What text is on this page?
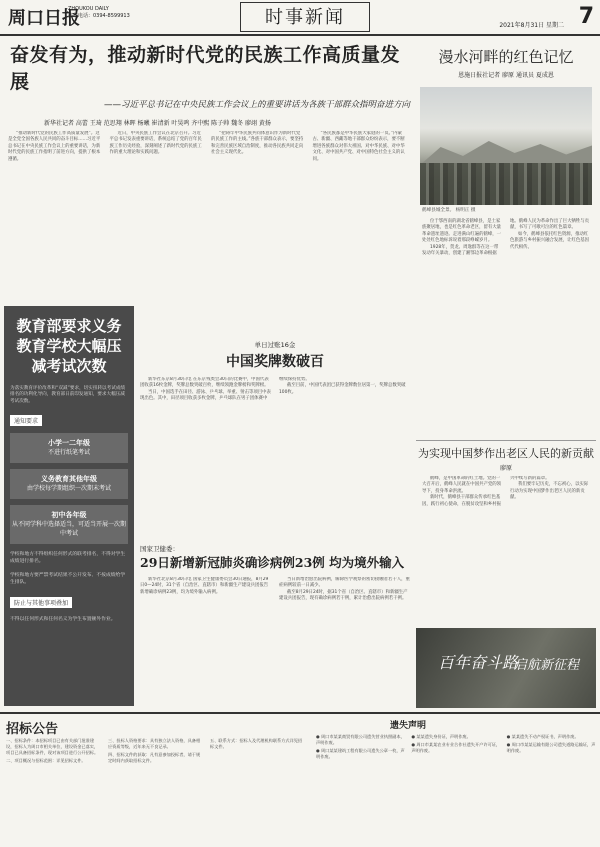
周口日报
ZHOUKOU DAILY
热线电话：0394-8599913	时事新闻	2021年8月31日 星期二 7
奋发有为，推动新时代党的民族工作高质量发展
——习近平总书记在中央民族工作会议上的重要讲话为各族干部群众指明奋进方向
新华社记者 高蕾 王琦 范思翔 林晖 杨曦 崔清新 叶昊鸣 齐中熙 陈子帅 魏冬 廖翊 黄扬

“推动新时代党的民族工作高质量发展”。这是全党全国各族人民共同的奋斗目标……习近平总书记在中央民族工作会议上的重要讲话，为新时代党的民族工作指明了前进方向，提供了根本遵循。

近日，中央民族工作会议在北京召开。习近平总书记发表重要讲话，系统总结了党的百年民族工作历史经验，深刻阐述了新时代党的民族工作的重大理论和实践问题。

“把铸牢中华民族共同体意识作为新时代党的民族工作的主线。”各族干部群众表示，要坚持和完善民族区域自治制度，推动各民族共同走向社会主义现代化。

“各民族都是中华民族大家庭的一员。”内蒙古、新疆、西藏等地干部群众纷纷表示，要不断增进各族群众对伟大祖国、对中华民族、对中华文化、对中国共产党、对中国特色社会主义的认同。

漫水河畔的红色记忆
恩施日报社记者 廖原 通讯员 夏成恩
鹤峰县城全景。 杨明正 摄

位于鄂西南的湖北省鹤峰县，是土家族聚居地，也是红色革命老区，留有大量革命遗址遗迹。走进满山红遍的鹤峰，一处处红色地标诉说着那段峥嵘岁月。

1928年，贺龙、周逸群等在这一带发动年关暴动，创建了湘鄂边革命根据地。鹤峰人民为革命作出了巨大牺牲与贡献，书写了可歌可泣的红色篇章。

如今，鹤峰县依托红色资源，推动红色旅游与乡村振兴融合发展，让红色基因代代相传。

教育部要求义务教育学校大幅压减考试次数
为落实教育评价改革和“双减”要求，切实扭转以考试成绩排名的功利化导向，教育部日前印发通知，要求大幅压减考试次数。
通知要求
小学一二年级
不进行纸笔考试
义务教育其他年级
由学校每学期组织一次期末考试
初中各年级
从不同学科中选择适当，可适当开展一次期中考试
学校和地方不得组织任何形式的联考排名，不得对学生成绩进行排名。
学校和地方要严禁考试结果不公开发布、不按成绩给学生排队。
防止与其他事项叠加
不得以任何形式和任何名义为学生布置额外作业。
单日过账16金
中国奖牌数破百

新华社东京8月30日电 在东京残奥会30日的比赛中，中国代表团收获16枚金牌，奖牌总数突破百枚，继续领跑金牌榜和奖牌榜。

当日，中国选手在田径、游泳、乒乓球、举重、射击等项目中表现出色。其中，田径项目收获多枚金牌，乒乓球队在男子团体赛中继续保持优势。

截至目前，中国代表团已获得金牌数位居第一，奖牌总数突破100枚。

国家卫健委：
29日新增新冠肺炎确诊病例23例 均为境外输入

新华社北京8月30日电 国家卫生健康委员会30日通报，8月29日0—24时，31个省（自治区、直辖市）和新疆生产建设兵团报告新增确诊病例23例，均为境外输入病例。

当日新增治愈出院病例，解除医学观察的密切接触者若干人，重症病例较前一日减少。

截至8月29日24时，据31个省（自治区、直辖市）和新疆生产建设兵团报告，现有确诊病例若干例，累计治愈出院病例若干例。

为实现中国梦作出老区人民的新贡献
廖原

鹤峰，是中国革命的红土地。党的一大召开后，鹤峰人民就在中国共产党的领导下，投身革命洪流。

新时代，鹤峰县干部群众传承红色基因，践行初心使命，在脱贫攻坚和乡村振兴中续写新的篇章。

我们要牢记历史，不忘初心，以实际行动为实现中国梦作出老区人民的新贡献。

百年奋斗路
启航新征程
招标公告

一、招标条件：本招标项目已由有关部门批准建设，招标人为周口市相关单位，建设资金已落实，项目已具备招标条件，现对该项目进行公开招标。

二、项目概况与招标范围：详见招标文件。

三、投标人资格要求：具有独立法人资格，具备相应资质等级，近年来无不良记录。

四、招标文件的获取：凡有意参加投标者，请于规定时间内获取招标文件。

五、联系方式：招标人及代理机构联系方式详见招标文件。

遗失声明

● 周口市某某商贸有限公司遗失营业执照副本，声明作废。

● 周口某某建筑工程有限公司遗失公章一枚，声明作废。

● 某某遗失身份证，声明作废。

● 周口市某某农业专业合作社遗失开户许可证，声明作废。

● 某某遗失不动产权证书，声明作废。

● 周口市某某运输有限公司遗失道路运输证，声明作废。
